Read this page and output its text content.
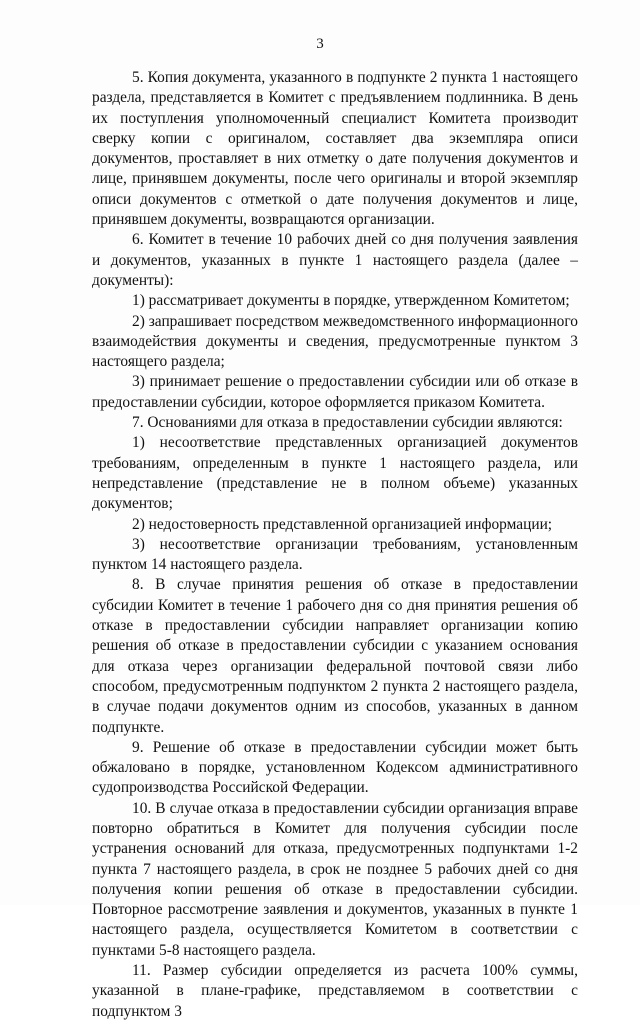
3

5. Копия документа, указанного в подпункте 2 пункта 1 настоящего раздела, представляется в Комитет с предъявлением подлинника. В день их поступления уполномоченный специалист Комитета производит сверку копии с оригиналом, составляет два экземпляра описи документов, проставляет в них отметку о дате получения документов и лице, принявшем документы, после чего оригиналы и второй экземпляр описи документов с отметкой о дате получения документов и лице, принявшем документы, возвращаются организации.

6. Комитет в течение 10 рабочих дней со дня получения заявления и документов, указанных в пункте 1 настоящего раздела (далее – документы):

1) рассматривает документы в порядке, утвержденном Комитетом;

2) запрашивает посредством межведомственного информационного взаимодействия документы и сведения, предусмотренные пунктом 3 настоящего раздела;

3) принимает решение о предоставлении субсидии или об отказе в предоставлении субсидии, которое оформляется приказом Комитета.

7. Основаниями для отказа в предоставлении субсидии являются:

1) несоответствие представленных организацией документов требованиям, определенным в пункте 1 настоящего раздела, или непредставление (представление не в полном объеме) указанных документов;

2) недостоверность представленной организацией информации;

3) несоответствие организации требованиям, установленным пунктом 14 настоящего раздела.

8. В случае принятия решения об отказе в предоставлении субсидии Комитет в течение 1 рабочего дня со дня принятия решения об отказе в предоставлении субсидии направляет организации копию решения об отказе в предоставлении субсидии с указанием основания для отказа через организации федеральной почтовой связи либо способом, предусмотренным подпунктом 2 пункта 2 настоящего раздела, в случае подачи документов одним из способов, указанных в данном подпункте.

9. Решение об отказе в предоставлении субсидии может быть обжаловано в порядке, установленном Кодексом административного судопроизводства Российской Федерации.

10. В случае отказа в предоставлении субсидии организация вправе повторно обратиться в Комитет для получения субсидии после устранения оснований для отказа, предусмотренных подпунктами 1-2 пункта 7 настоящего раздела, в срок не позднее 5 рабочих дней со дня получения копии решения об отказе в предоставлении субсидии. Повторное рассмотрение заявления и документов, указанных в пункте 1 настоящего раздела, осуществляется Комитетом в соответствии с пунктами 5-8 настоящего раздела.

11. Размер субсидии определяется из расчета 100% суммы, указанной в плане-графике, представляемом в соответствии с подпунктом 3
